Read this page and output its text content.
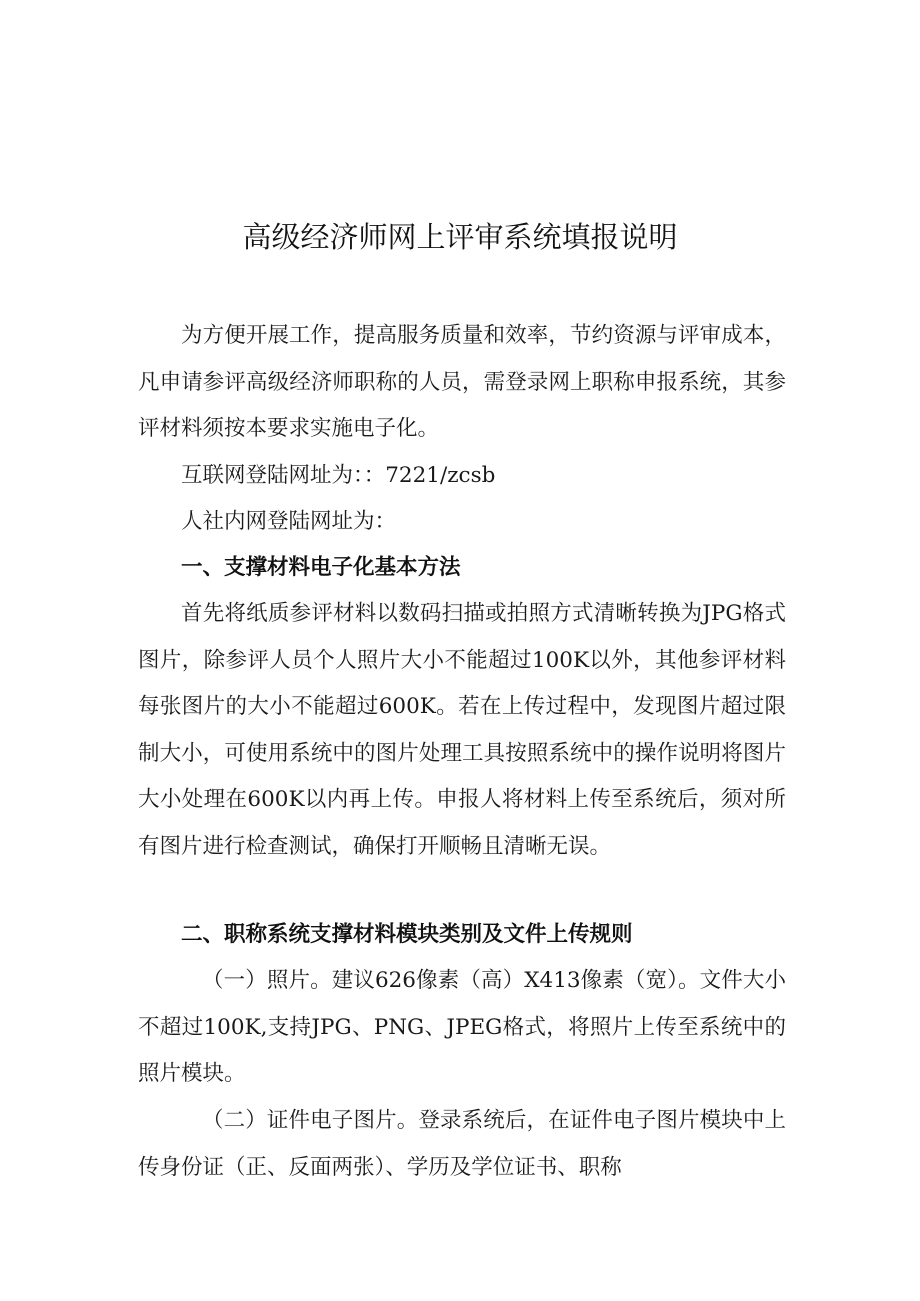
高级经济师网上评审系统填报说明

为方便开展工作，提高服务质量和效率，节约资源与评审成本，凡申请参评高级经济师职称的人员，需登录网上职称申报系统，其参评材料须按本要求实施电子化。

互联网登陆网址为：：7221/zcsb

人社内网登陆网址为：

一、支撑材料电子化基本方法

首先将纸质参评材料以数码扫描或拍照方式清晰转换为JPG格式图片，除参评人员个人照片大小不能超过100K以外，其他参评材料每张图片的大小不能超过600K。若在上传过程中，发现图片超过限制大小，可使用系统中的图片处理工具按照系统中的操作说明将图片大小处理在600K以内再上传。申报人将材料上传至系统后，须对所有图片进行检查测试，确保打开顺畅且清晰无误。

二、职称系统支撑材料模块类别及文件上传规则

（一）照片。建议626像素（高）X413像素（宽）。文件大小不超过100K,支持JPG、PNG、JPEG格式，将照片上传至系统中的照片模块。

（二）证件电子图片。登录系统后，在证件电子图片模块中上传身份证（正、反面两张）、学历及学位证书、职称
